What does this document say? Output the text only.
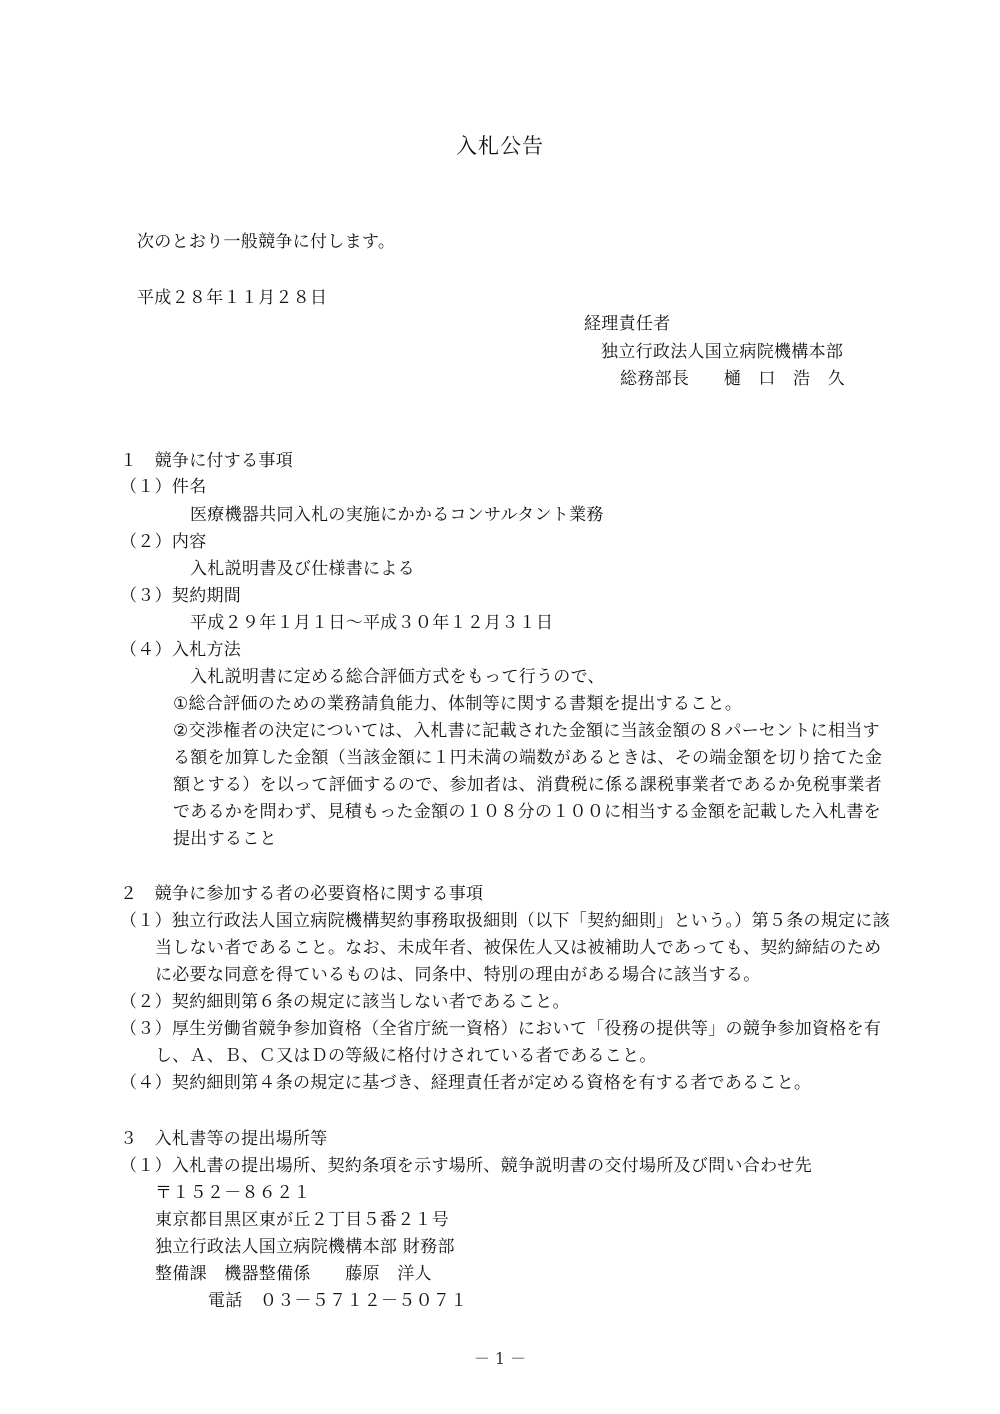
入札公告

次のとおり一般競争に付します。

平成２８年１１月２８日

経理責任者

独立行政法人国立病院機構本部

総務部長　　樋　口　浩　久

１　競争に付する事項

（１）件名

医療機器共同入札の実施にかかるコンサルタント業務

（２）内容

入札説明書及び仕様書による

（３）契約期間

平成２９年１月１日～平成３０年１２月３１日

（４）入札方法

入札説明書に定める総合評価方式をもって行うので、

①総合評価のための業務請負能力、体制等に関する書類を提出すること。

②交渉権者の決定については、入札書に記載された金額に当該金額の８パーセントに相当す

る額を加算した金額（当該金額に１円未満の端数があるときは、その端金額を切り捨てた金

額とする）を以って評価するので、参加者は、消費税に係る課税事業者であるか免税事業者

であるかを問わず、見積もった金額の１０８分の１００に相当する金額を記載した入札書を

提出すること

２　競争に参加する者の必要資格に関する事項

（１）独立行政法人国立病院機構契約事務取扱細則（以下「契約細則」という。）第５条の規定に該

当しない者であること。なお、未成年者、被保佐人又は被補助人であっても、契約締結のため

に必要な同意を得ているものは、同条中、特別の理由がある場合に該当する。

（２）契約細則第６条の規定に該当しない者であること。

（３）厚生労働省競争参加資格（全省庁統一資格）において「役務の提供等」の競争参加資格を有

し、Ａ、Ｂ、Ｃ又はＤの等級に格付けされている者であること。

（４）契約細則第４条の規定に基づき、経理責任者が定める資格を有する者であること。

３　入札書等の提出場所等

（１）入札書の提出場所、契約条項を示す場所、競争説明書の交付場所及び問い合わせ先

〒１５２－８６２１

東京都目黒区東が丘２丁目５番２１号

独立行政法人国立病院機構本部 財務部

整備課　機器整備係　　藤原　洋人

電話　０３－５７１２－５０７１

－ 1 －
